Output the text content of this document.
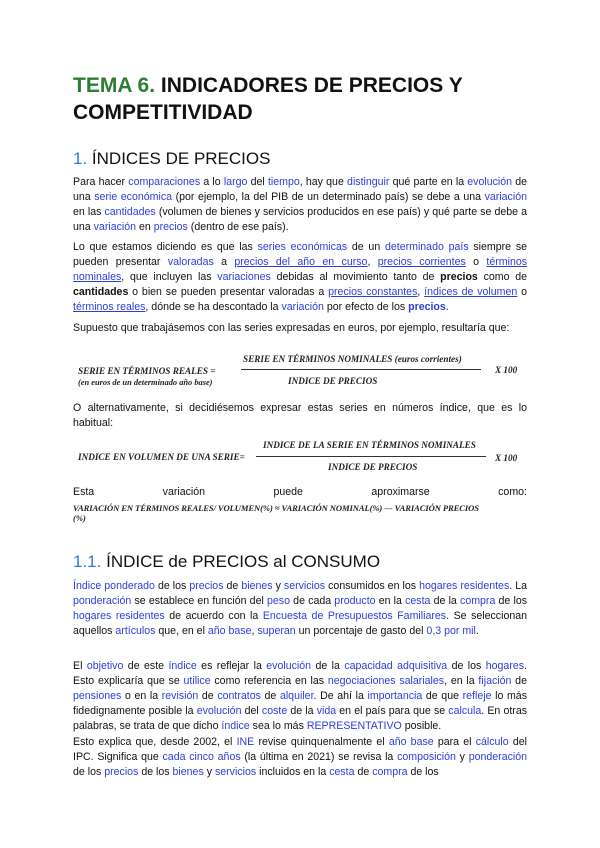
TEMA 6. INDICADORES DE PRECIOS Y
COMPETITIVIDAD
1. ÍNDICES DE PRECIOS

Para hacer comparaciones a lo largo del tiempo, hay que distinguir qué parte en la evolución de una serie económica (por ejemplo, la del PIB de un determinado país) se debe a una variación en las cantidades (volumen de bienes y servicios producidos en ese país) y qué parte se debe a una variación en precios (dentro de ese país).

Lo que estamos diciendo es que las series económicas de un determinado país siempre se pueden presentar valoradas a precios del año en curso, precios corrientes o términos nominales, que incluyen las variaciones debidas al movimiento tanto de precios como de cantidades o bien se pueden presentar valoradas a precios constantes, índices de volumen o términos reales, dónde se ha descontado la variación por efecto de los precios.

Supuesto que trabajásemos con las series expresadas en euros, por ejemplo, resultaría que:

SERIE EN TÉRMINOS REALES =
(en euros de un determinado año base)
SERIE EN TÉRMINOS NOMINALES (euros corrientes)
INDICE DE PRECIOS
X 100

O alternativamente, si decidiésemos expresar estas series en números índice, que es lo habitual:

INDICE EN VOLUMEN DE UNA SERIE=
INDICE DE LA SERIE EN TÉRMINOS NOMINALES
INDICE DE PRECIOS
X 100
Esta	variación	puede	aproximarse	como:
VARIACIÓN EN TÉRMINOS REALES/ VOLUMEN(%) ≈ VARIACIÓN NOMINAL(%) --- VARIACIÓN PRECIOS
(%)
1.1. ÍNDICE de PRECIOS al CONSUMO

Índice ponderado de los precios de bienes y servicios consumidos en los hogares residentes. La ponderación se establece en función del peso de cada producto en la cesta de la compra de los hogares residentes de acuerdo con la Encuesta de Presupuestos Familiares. Se seleccionan aquellos artículos que, en el año base, superan un porcentaje de gasto del 0,3 por mil.

El objetivo de este índice es reflejar la evolución de la capacidad adquisitiva de los hogares. Esto explicaría que se utilice como referencia en las negociaciones salariales, en la fijación de pensiones o en la revisión de contratos de alquiler. De ahí la importancia de que refleje lo más fidedignamente posible la evolución del coste de la vida en el país para que se calcula. En otras palabras, se trata de que dicho índice sea lo más REPRESENTATIVO posible.

Esto explica que, desde 2002, el INE revise quinquenalmente el año base para el cálculo del IPC. Significa que cada cinco años (la última en 2021) se revisa la composición y ponderación de los precios de los bienes y servicios incluidos en la cesta de compra de los
